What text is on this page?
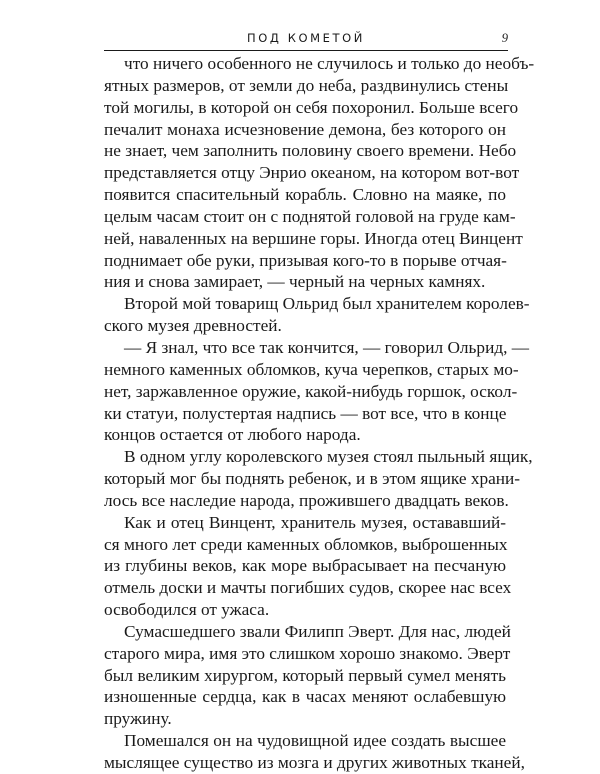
ПОД КОМЕТОЙ	9
что ничего особенного не случилось и только до необъ-
ятных размеров, от земли до неба, раздвинулись стены
той могилы, в которой он себя похоронил. Больше всего
печалит монаха исчезновение демона, без которого он
не знает, чем заполнить половину своего времени. Небо
представляется отцу Энрио океаном, на котором вот-вот
появится спасительный корабль. Словно на маяке, по
целым часам стоит он с поднятой головой на груде кам-
ней, наваленных на вершине горы. Иногда отец Винцент
поднимает обе руки, призывая кого-то в порыве отчая-
ния и снова замирает, — черный на черных камнях.
Второй мой товарищ Ольрид был хранителем королев-
ского музея древностей.
— Я знал, что все так кончится, — говорил Ольрид, —
немного каменных обломков, куча черепков, старых мо-
нет, заржавленное оружие, какой-нибудь горшок, оскол-
ки статуи, полустертая надпись — вот все, что в конце
концов остается от любого народа.
В одном углу королевского музея стоял пыльный ящик,
который мог бы поднять ребенок, и в этом ящике храни-
лось все наследие народа, прожившего двадцать веков.
Как и отец Винцент, хранитель музея, остававший-
ся много лет среди каменных обломков, выброшенных
из глубины веков, как море выбрасывает на песчаную
отмель доски и мачты погибших судов, скорее нас всех
освободился от ужаса.
Сумасшедшего звали Филипп Эверт. Для нас, людей
старого мира, имя это слишком хорошо знакомо. Эверт
был великим хирургом, который первый сумел менять
изношенные сердца, как в часах меняют ослабевшую
пружину.
Помешался он на чудовищной идее создать высшее
мыслящее существо из мозга и других животных тканей,
